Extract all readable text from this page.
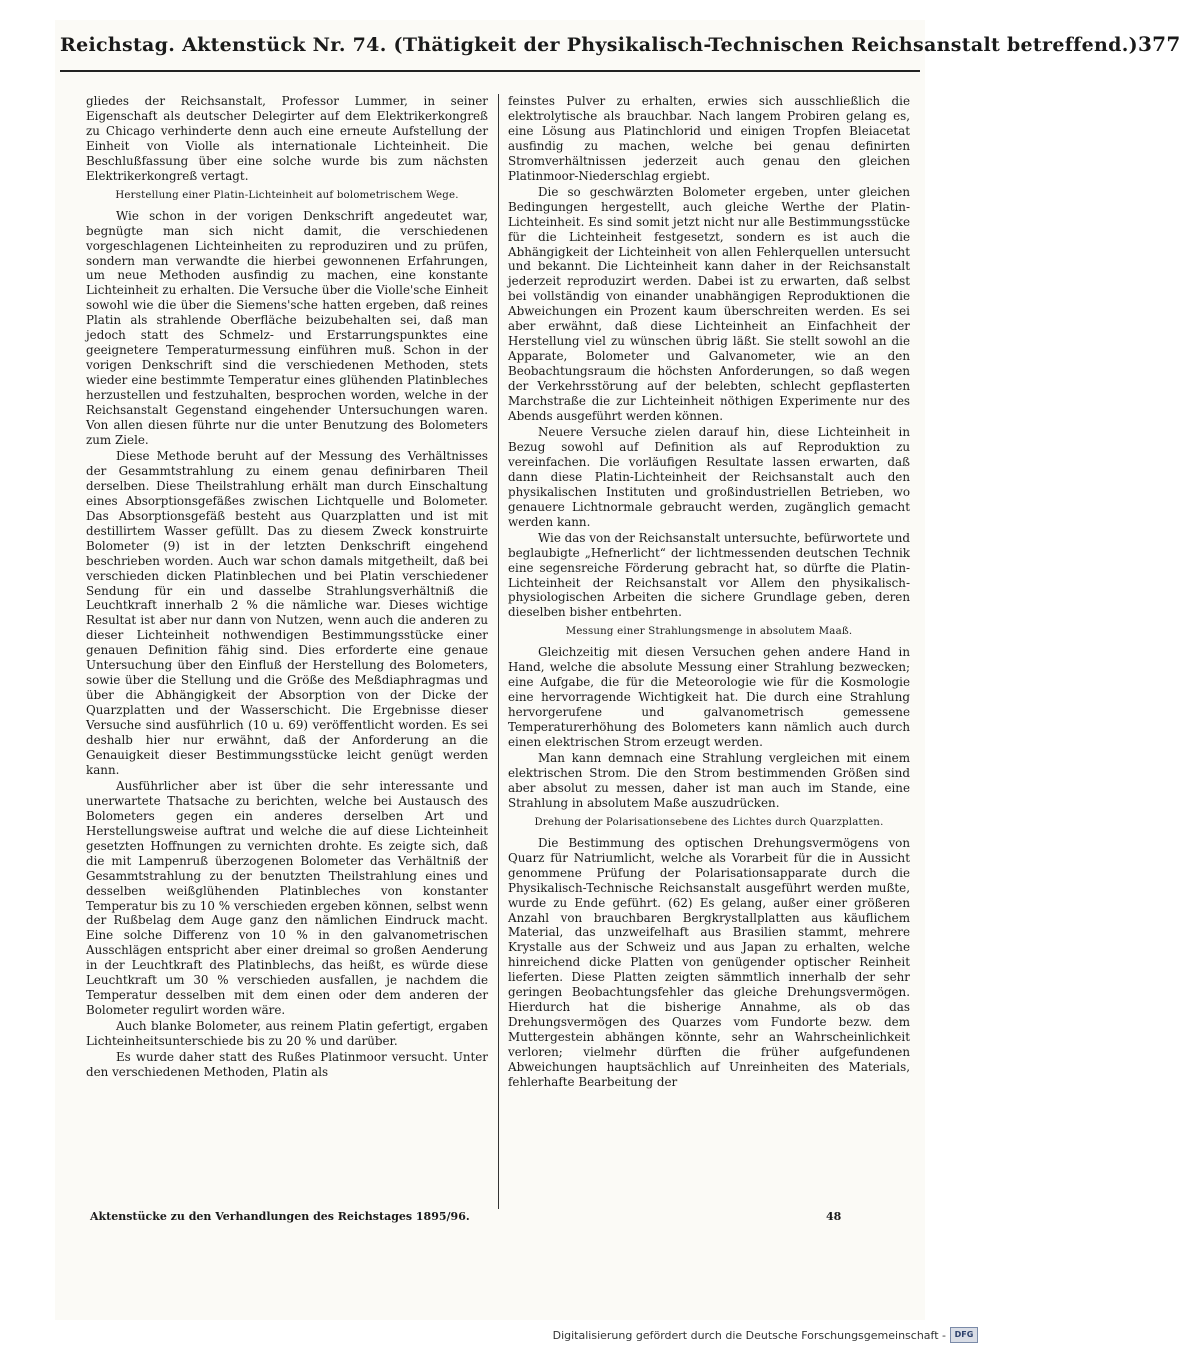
Reichstag. Aktenstück Nr. 74. (Thätigkeit der Physikalisch-Technischen Reichsanstalt betreffend.) 377

gliedes der Reichsanstalt, Professor Lummer, in seiner Eigenschaft als deutscher Delegirter auf dem Elektrikerkongreß zu Chicago verhinderte denn auch eine erneute Aufstellung der Einheit von Violle als internationale Lichteinheit. Die Beschlußfassung über eine solche wurde bis zum nächsten Elektrikerkongreß vertagt.

Herstellung einer Platin-Lichteinheit auf bolometrischem Wege.

Wie schon in der vorigen Denkschrift angedeutet war, begnügte man sich nicht damit, die verschiedenen vorgeschlagenen Lichteinheiten zu reproduziren und zu prüfen, sondern man verwandte die hierbei gewonnenen Erfahrungen, um neue Methoden ausfindig zu machen, eine konstante Lichteinheit zu erhalten. Die Versuche über die Violle'sche Einheit sowohl wie die über die Siemens'sche hatten ergeben, daß reines Platin als strahlende Oberfläche beizubehalten sei, daß man jedoch statt des Schmelz- und Erstarrungspunktes eine geeignetere Temperaturmessung einführen muß. Schon in der vorigen Denkschrift sind die verschiedenen Methoden, stets wieder eine bestimmte Temperatur eines glühenden Platinbleches herzustellen und festzuhalten, besprochen worden, welche in der Reichsanstalt Gegenstand eingehender Untersuchungen waren. Von allen diesen führte nur die unter Benutzung des Bolometers zum Ziele.

Diese Methode beruht auf der Messung des Verhältnisses der Gesammtstrahlung zu einem genau definirbaren Theil derselben. Diese Theilstrahlung erhält man durch Einschaltung eines Absorptionsgefäßes zwischen Lichtquelle und Bolometer. Das Absorptionsgefäß besteht aus Quarzplatten und ist mit destillirtem Wasser gefüllt. Das zu diesem Zweck konstruirte Bolometer (9) ist in der letzten Denkschrift eingehend beschrieben worden. Auch war schon damals mitgetheilt, daß bei verschieden dicken Platinblechen und bei Platin verschiedener Sendung für ein und dasselbe Strahlungsverhältniß die Leuchtkraft innerhalb 2 % die nämliche war. Dieses wichtige Resultat ist aber nur dann von Nutzen, wenn auch die anderen zu dieser Lichteinheit nothwendigen Bestimmungsstücke einer genauen Definition fähig sind. Dies erforderte eine genaue Untersuchung über den Einfluß der Herstellung des Bolometers, sowie über die Stellung und die Größe des Meßdiaphragmas und über die Abhängigkeit der Absorption von der Dicke der Quarzplatten und der Wasserschicht. Die Ergebnisse dieser Versuche sind ausführlich (10 u. 69) veröffentlicht worden. Es sei deshalb hier nur erwähnt, daß der Anforderung an die Genauigkeit dieser Bestimmungsstücke leicht genügt werden kann.

Ausführlicher aber ist über die sehr interessante und unerwartete Thatsache zu berichten, welche bei Austausch des Bolometers gegen ein anderes derselben Art und Herstellungsweise auftrat und welche die auf diese Lichteinheit gesetzten Hoffnungen zu vernichten drohte. Es zeigte sich, daß die mit Lampenruß überzogenen Bolometer das Verhältniß der Gesammtstrahlung zu der benutzten Theilstrahlung eines und desselben weißglühenden Platinbleches von konstanter Temperatur bis zu 10 % verschieden ergeben können, selbst wenn der Rußbelag dem Auge ganz den nämlichen Eindruck macht. Eine solche Differenz von 10 % in den galvanometrischen Ausschlägen entspricht aber einer dreimal so großen Aenderung in der Leuchtkraft des Platinblechs, das heißt, es würde diese Leuchtkraft um 30 % verschieden ausfallen, je nachdem die Temperatur desselben mit dem einen oder dem anderen der Bolometer regulirt worden wäre.

Auch blanke Bolometer, aus reinem Platin gefertigt, ergaben Lichteinheitsunterschiede bis zu 20 % und darüber.

Es wurde daher statt des Rußes Platinmoor versucht. Unter den verschiedenen Methoden, Platin als

feinstes Pulver zu erhalten, erwies sich ausschließlich die elektrolytische als brauchbar. Nach langem Probiren gelang es, eine Lösung aus Platinchlorid und einigen Tropfen Bleiacetat ausfindig zu machen, welche bei genau definirten Stromverhältnissen jederzeit auch genau den gleichen Platinmoor-Niederschlag ergiebt.

Die so geschwärzten Bolometer ergeben, unter gleichen Bedingungen hergestellt, auch gleiche Werthe der Platin-Lichteinheit. Es sind somit jetzt nicht nur alle Bestimmungsstücke für die Lichteinheit festgesetzt, sondern es ist auch die Abhängigkeit der Lichteinheit von allen Fehlerquellen untersucht und bekannt. Die Lichteinheit kann daher in der Reichsanstalt jederzeit reproduzirt werden. Dabei ist zu erwarten, daß selbst bei vollständig von einander unabhängigen Reproduktionen die Abweichungen ein Prozent kaum überschreiten werden. Es sei aber erwähnt, daß diese Lichteinheit an Einfachheit der Herstellung viel zu wünschen übrig läßt. Sie stellt sowohl an die Apparate, Bolometer und Galvanometer, wie an den Beobachtungsraum die höchsten Anforderungen, so daß wegen der Verkehrsstörung auf der belebten, schlecht gepflasterten Marchstraße die zur Lichteinheit nöthigen Experimente nur des Abends ausgeführt werden können.

Neuere Versuche zielen darauf hin, diese Lichteinheit in Bezug sowohl auf Definition als auf Reproduktion zu vereinfachen. Die vorläufigen Resultate lassen erwarten, daß dann diese Platin-Lichteinheit der Reichsanstalt auch den physikalischen Instituten und großindustriellen Betrieben, wo genauere Lichtnormale gebraucht werden, zugänglich gemacht werden kann.

Wie das von der Reichsanstalt untersuchte, befürwortete und beglaubigte „Hefnerlicht“ der lichtmessenden deutschen Technik eine segensreiche Förderung gebracht hat, so dürfte die Platin-Lichteinheit der Reichsanstalt vor Allem den physikalisch-physiologischen Arbeiten die sichere Grundlage geben, deren dieselben bisher entbehrten.

Messung einer Strahlungsmenge in absolutem Maaß.

Gleichzeitig mit diesen Versuchen gehen andere Hand in Hand, welche die absolute Messung einer Strahlung bezwecken; eine Aufgabe, die für die Meteorologie wie für die Kosmologie eine hervorragende Wichtigkeit hat. Die durch eine Strahlung hervorgerufene und galvanometrisch gemessene Temperaturerhöhung des Bolometers kann nämlich auch durch einen elektrischen Strom erzeugt werden.

Man kann demnach eine Strahlung vergleichen mit einem elektrischen Strom. Die den Strom bestimmenden Größen sind aber absolut zu messen, daher ist man auch im Stande, eine Strahlung in absolutem Maße auszudrücken.

Drehung der Polarisationsebene des Lichtes durch Quarzplatten.

Die Bestimmung des optischen Drehungsvermögens von Quarz für Natriumlicht, welche als Vorarbeit für die in Aussicht genommene Prüfung der Polarisationsapparate durch die Physikalisch-Technische Reichsanstalt ausgeführt werden mußte, wurde zu Ende geführt. (62) Es gelang, außer einer größeren Anzahl von brauchbaren Bergkrystallplatten aus käuflichem Material, das unzweifelhaft aus Brasilien stammt, mehrere Krystalle aus der Schweiz und aus Japan zu erhalten, welche hinreichend dicke Platten von genügender optischer Reinheit lieferten. Diese Platten zeigten sämmtlich innerhalb der sehr geringen Beobachtungsfehler das gleiche Drehungsvermögen. Hierdurch hat die bisherige Annahme, als ob das Drehungsvermögen des Quarzes vom Fundorte bezw. dem Muttergestein abhängen könnte, sehr an Wahrscheinlichkeit verloren; vielmehr dürften die früher aufgefundenen Abweichungen hauptsächlich auf Unreinheiten des Materials, fehlerhafte Bearbeitung der

Aktenstücke zu den Verhandlungen des Reichstages 1895/96.	48
Digitalisierung gefördert durch die Deutsche Forschungsgemeinschaft -	DFG
